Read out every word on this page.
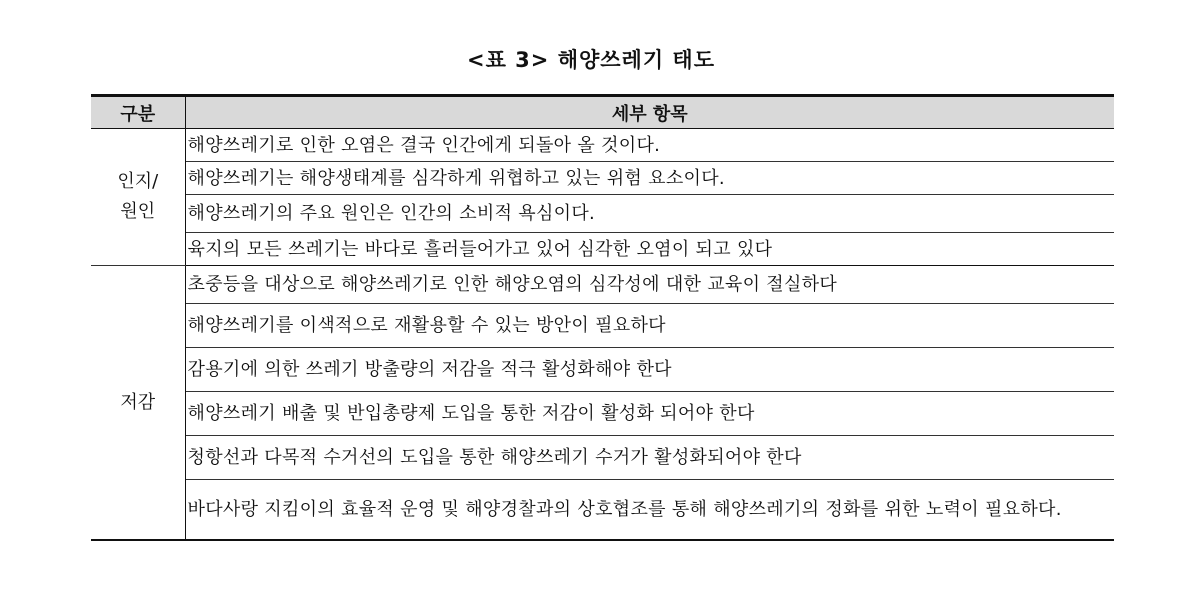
<표 3> 해양쓰레기 태도
구분	세부 항목
인지/
원인	해양쓰레기로 인한 오염은 결국 인간에게 되돌아 올 것이다.
	해양쓰레기는 해양생태계를 심각하게 위협하고 있는 위험 요소이다.
	해양쓰레기의 주요 원인은 인간의 소비적 욕심이다.
	육지의 모든 쓰레기는 바다로 흘러들어가고 있어 심각한 오염이 되고 있다
저감	초중등을 대상으로 해양쓰레기로 인한 해양오염의 심각성에 대한 교육이 절실하다
	해양쓰레기를 이색적으로 재활용할 수 있는 방안이 필요하다
	감용기에 의한 쓰레기 방출량의 저감을 적극 활성화해야 한다
	해양쓰레기 배출 및 반입총량제 도입을 통한 저감이 활성화 되어야 한다
	청항선과 다목적 수거선의 도입을 통한 해양쓰레기 수거가 활성화되어야 한다
	바다사랑 지킴이의 효율적 운영 및 해양경찰과의 상호협조를 통해 해양쓰레기의 정화를 위한 노력이 필요하다.
